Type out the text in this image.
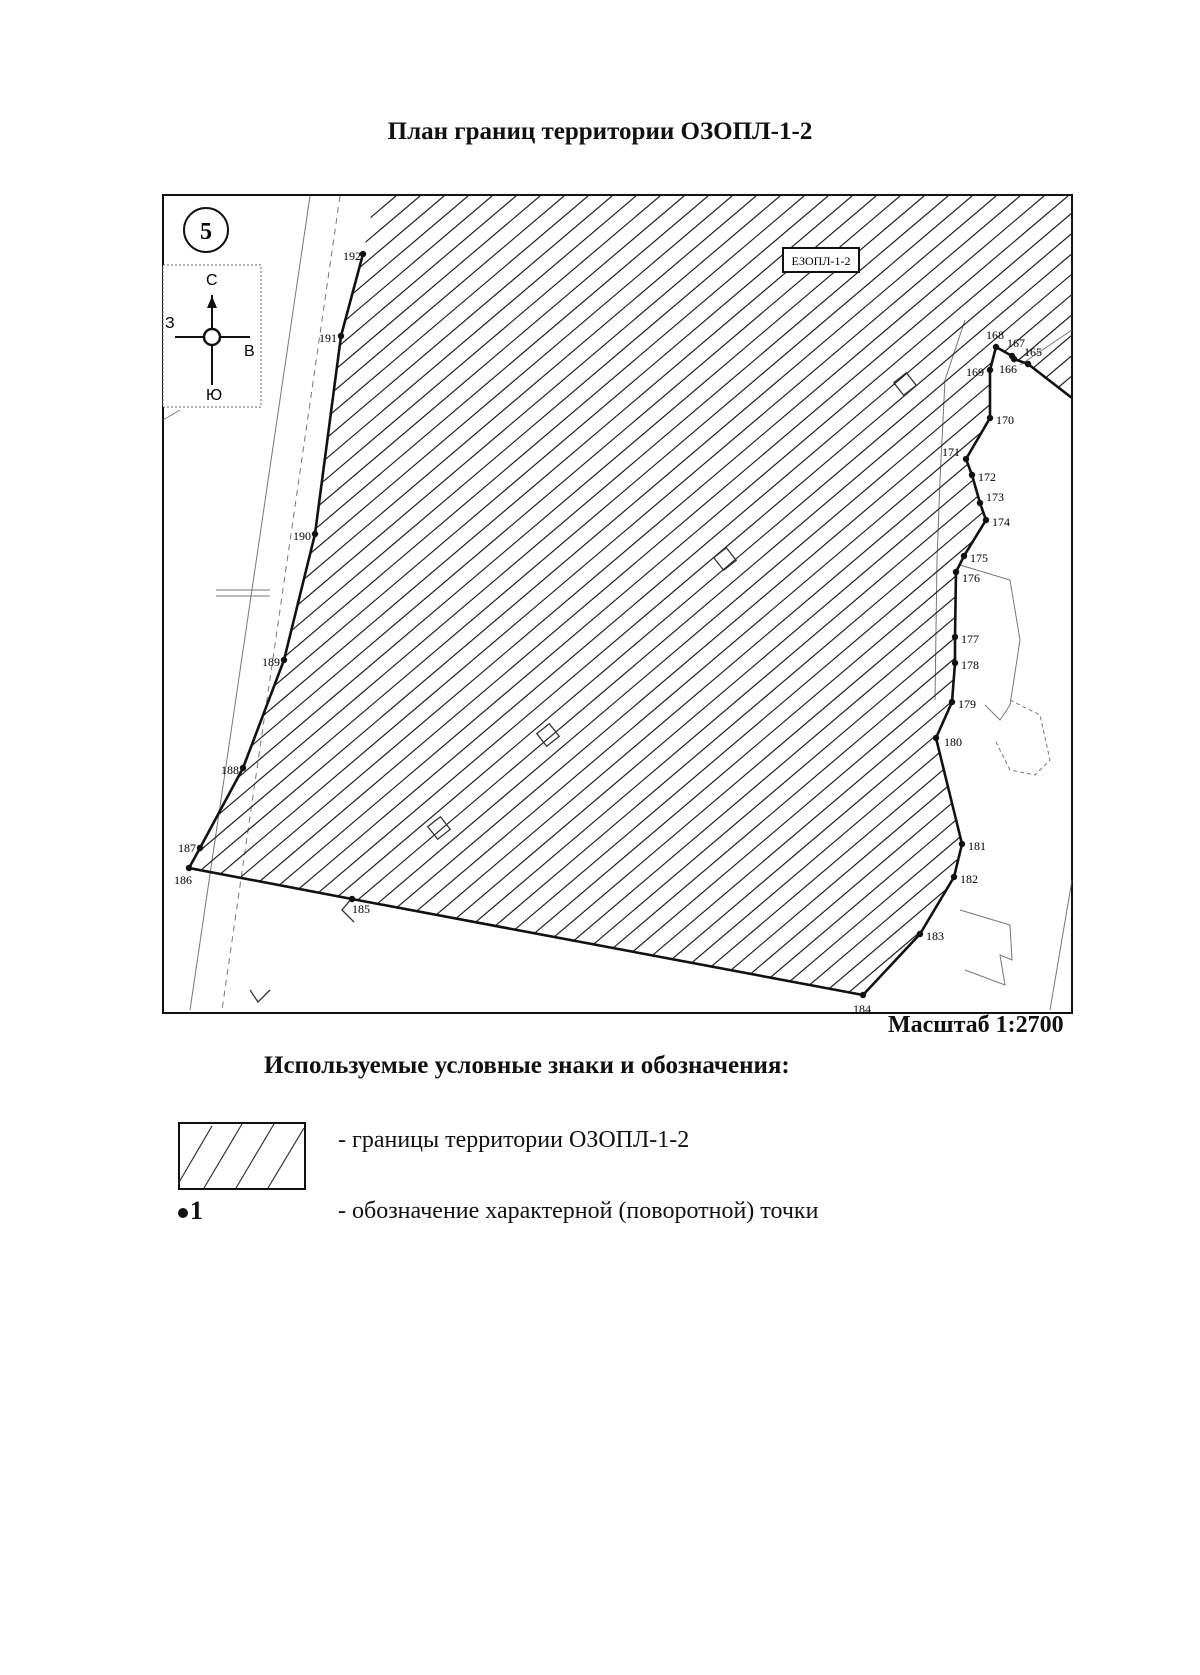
План границ территории ОЗОПЛ-1-2
165
166
167
168
169
170
171
172
173
174
175
176
177
178
179
180
181
182
183
184
185
186
187
188
189
190
191
192
5
С
Ю
З
В
ЕЗОПЛ-1-2
Масштаб 1:2700
Используемые условные знаки и обозначения:
- границы территории ОЗОПЛ-1-2
1	- обозначение характерной (поворотной) точки
